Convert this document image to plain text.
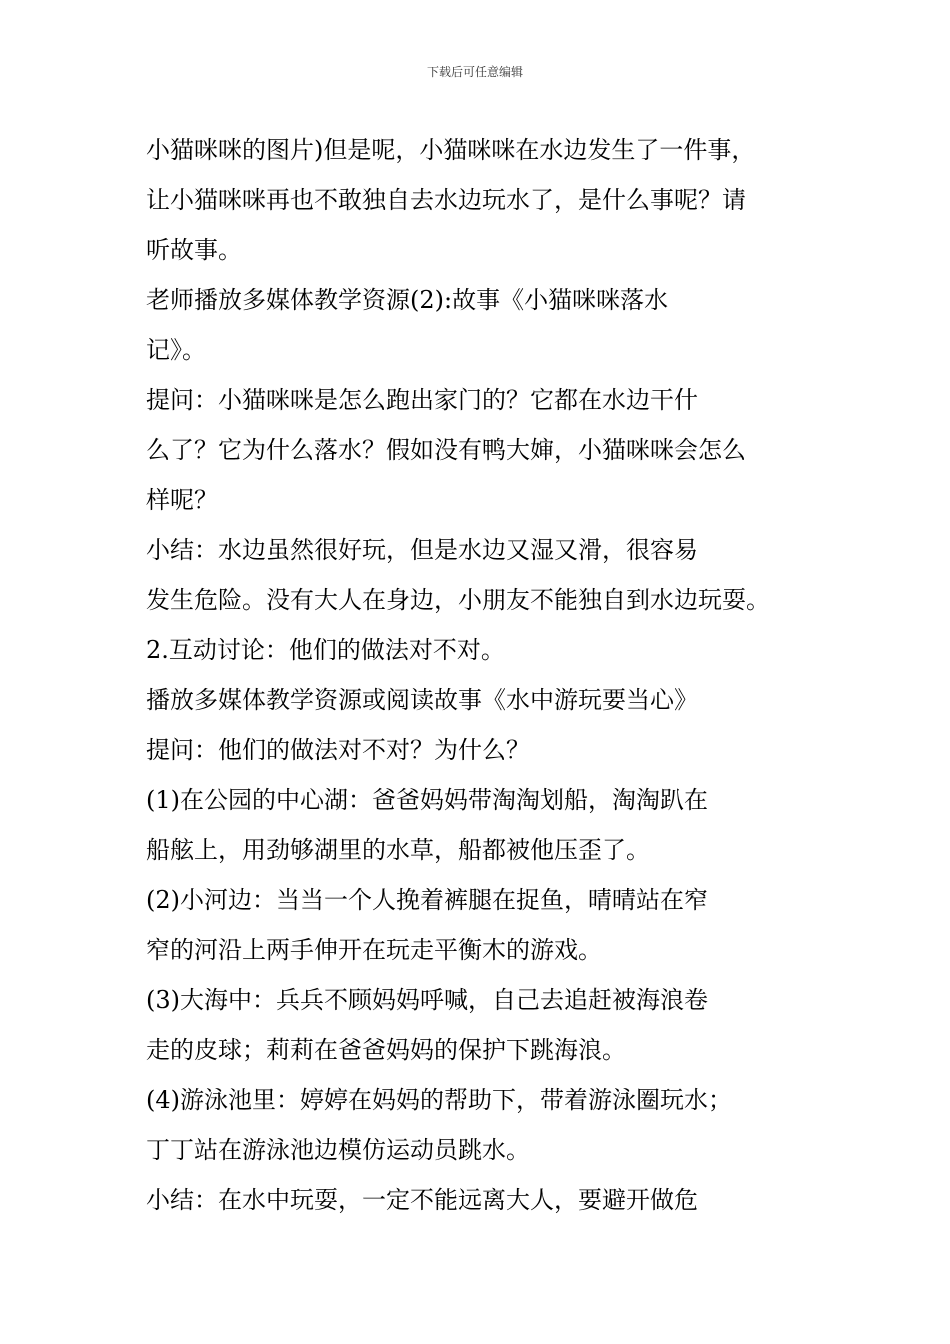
下载后可任意编辑

小猫咪咪的图片)但是呢，小猫咪咪在水边发生了一件事，
让小猫咪咪再也不敢独自去水边玩水了，是什么事呢？请
听故事。

老师播放多媒体教学资源(2):故事《小猫咪咪落水
记》。

提问：小猫咪咪是怎么跑出家门的？它都在水边干什
么了？它为什么落水？假如没有鸭大婶，小猫咪咪会怎么
样呢？

小结：水边虽然很好玩，但是水边又湿又滑，很容易
发生危险。没有大人在身边，小朋友不能独自到水边玩耍。

2.互动讨论：他们的做法对不对。

播放多媒体教学资源或阅读故事《水中游玩要当心》
提问：他们的做法对不对？为什么？

(1)在公园的中心湖：爸爸妈妈带淘淘划船，淘淘趴在
船舷上，用劲够湖里的水草，船都被他压歪了。

(2)小河边：当当一个人挽着裤腿在捉鱼，晴晴站在窄
窄的河沿上两手伸开在玩走平衡木的游戏。

(3)大海中：兵兵不顾妈妈呼喊，自己去追赶被海浪卷
走的皮球；莉莉在爸爸妈妈的保护下跳海浪。

(4)游泳池里：婷婷在妈妈的帮助下，带着游泳圈玩水；
丁丁站在游泳池边模仿运动员跳水。

小结：在水中玩耍，一定不能远离大人，要避开做危
